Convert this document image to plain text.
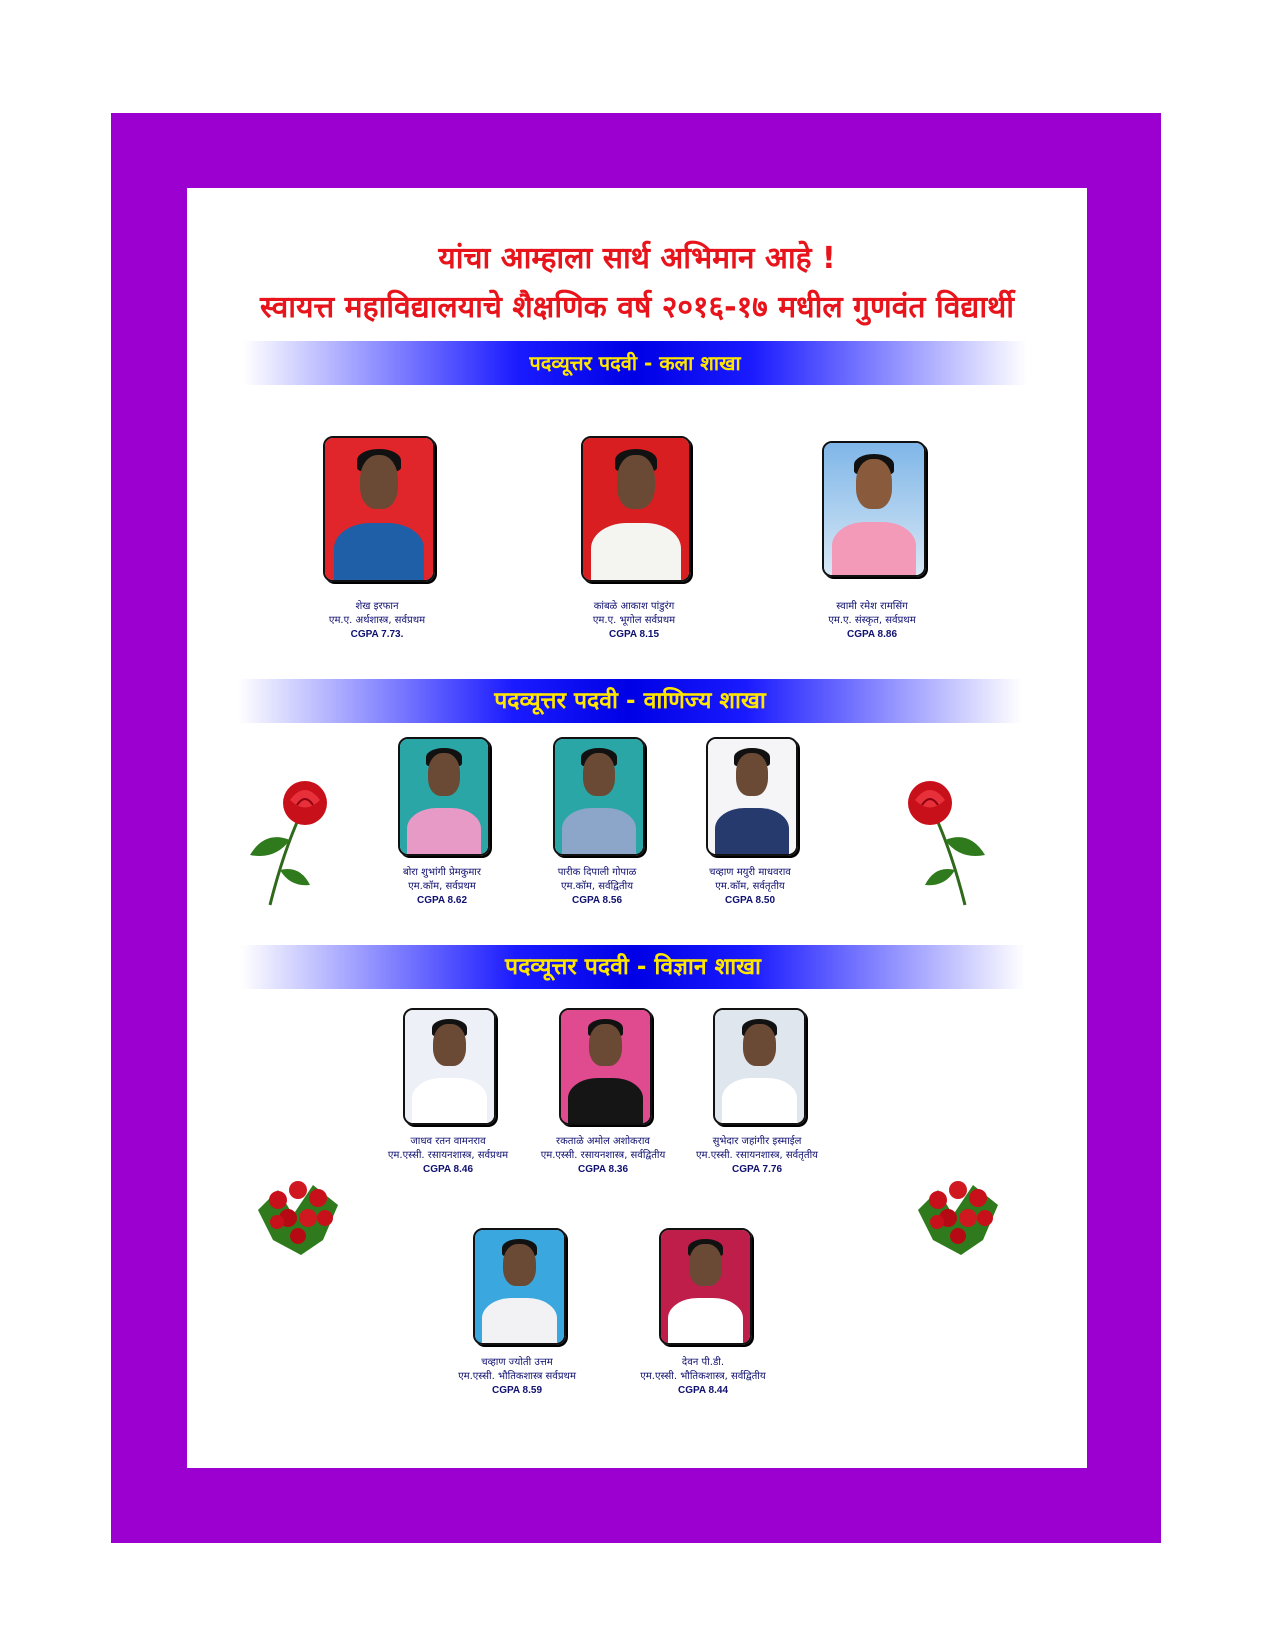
यांचा आम्हाला सार्थ अभिमान आहे !
स्वायत्त महाविद्यालयाचे शैक्षणिक वर्ष २०१६-१७ मधील गुणवंत विद्यार्थी
पदव्यूत्तर पदवी - कला शाखा
शेख इरफान
एम.ए. अर्थशास्त्र, सर्वप्रथम
CGPA 7.73.
कांबळे आकाश पांडुरंग
एम.ए. भूगोल सर्वप्रथम
CGPA 8.15
स्वामी रमेश रामसिंग
एम.ए. संस्कृत, सर्वप्रथम
CGPA 8.86
पदव्यूत्तर पदवी - वाणिज्य शाखा
बोरा शुभांगी प्रेमकुमार
एम.कॉम, सर्वप्रथम
CGPA 8.62
पारीक दिपाली गोपाळ
एम.कॉम, सर्वद्वितीय
CGPA 8.56
चव्हाण मयुरी माधवराव
एम.कॉम, सर्वतृतीय
CGPA 8.50
पदव्यूत्तर पदवी - विज्ञान शाखा
जाधव रतन वामनराव
एम.एस्सी. रसायनशास्त्र, सर्वप्रथम
CGPA 8.46
रकताळे अमोल अशोकराव
एम.एस्सी. रसायनशास्त्र, सर्वद्वितीय
CGPA 8.36
सुभेदार जहांगीर इस्माईल
एम.एस्सी. रसायनशास्त्र, सर्वतृतीय
CGPA 7.76
चव्हाण ज्योती उत्तम
एम.एस्सी. भौतिकशास्त्र सर्वप्रथम
CGPA 8.59
देवन पी.डी.
एम.एस्सी. भौतिकशास्त्र, सर्वद्वितीय
CGPA 8.44
